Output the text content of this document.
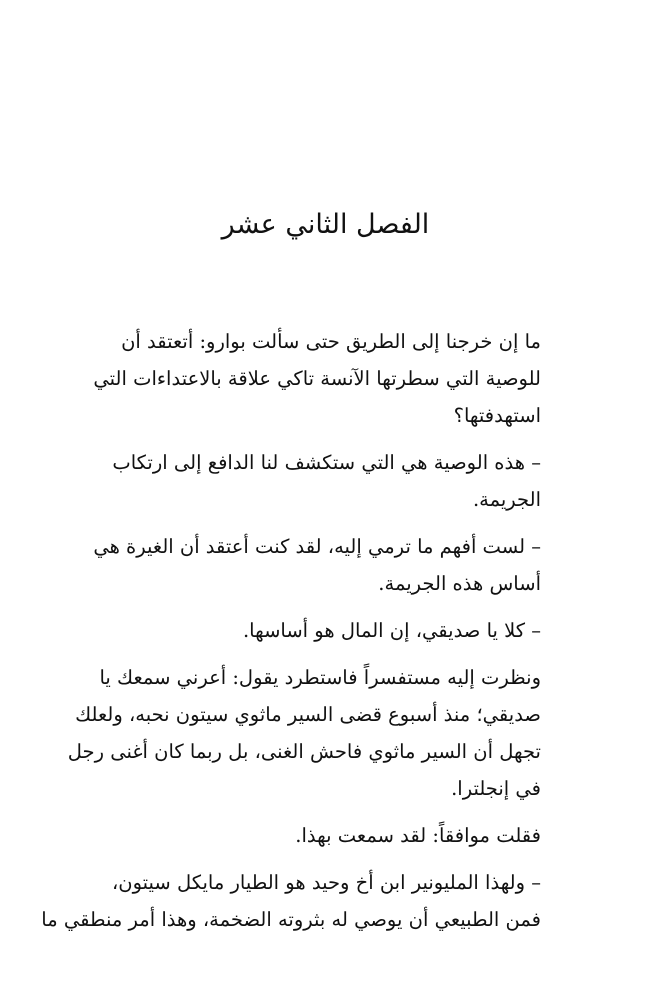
الفصل الثاني عشر

ما إن خرجنا إلى الطريق حتى سألت بوارو: أتعتقد أن
للوصية التي سطرتها الآنسة تاكي علاقة بالاعتداءات التي
استهدفتها؟

– هذه الوصية هي التي ستكشف لنا الدافع إلى ارتكاب
الجريمة.

– لست أفهم ما ترمي إليه، لقد كنت أعتقد أن الغيرة هي
أساس هذه الجريمة.

– كلا يا صديقي، إن المال هو أساسها.

ونظرت إليه مستفسراً فاستطرد يقول: أعرني سمعك يا
صديقي؛ منذ أسبوع قضى السير ماثوي سيتون نحبه، ولعلك
تجهل أن السير ماثوي فاحش الغنى، بل ربما كان أغنى رجل
في إنجلترا.

فقلت موافقاً: لقد سمعت بهذا.

– ولهذا المليونير ابن أخ وحيد هو الطيار مايكل سيتون،
فمن الطبيعي أن يوصي له بثروته الضخمة، وهذا أمر منطقي ما
